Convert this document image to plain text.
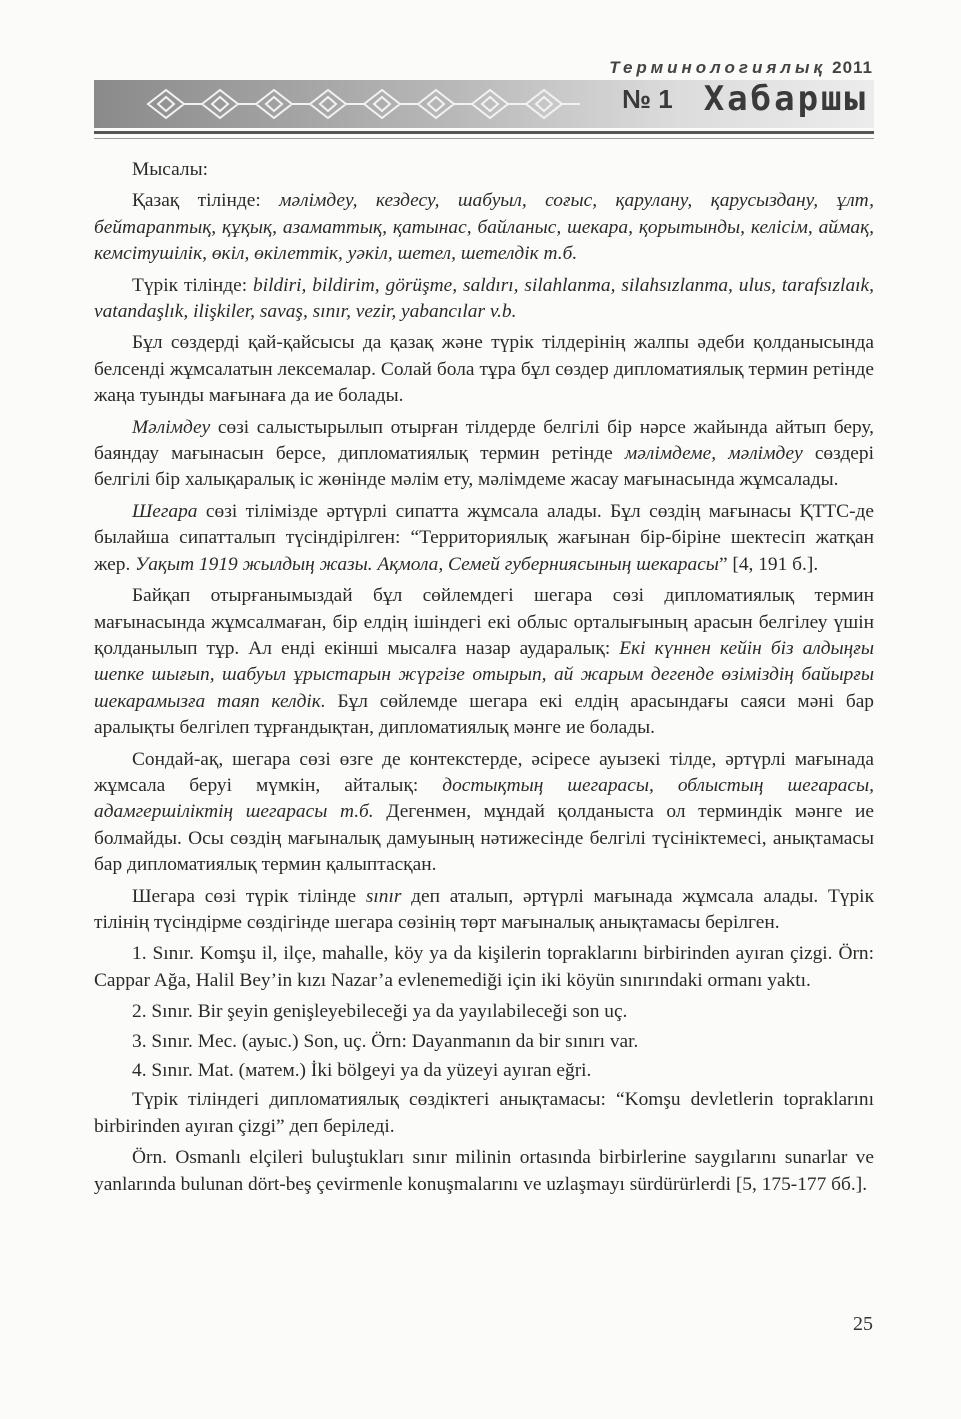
Терминологиялық 2011
№ 1 Хабаршы

Мысалы:

Қазақ тілінде: мәлімдеу, кездесу, шабуыл, соғыс, қарулану, қарусыздану, ұлт, бейтараптық, құқық, азаматтық, қатынас, байланыс, шекара, қорытынды, келісім, аймақ, кемсітушілік, өкіл, өкілеттік, уәкіл, шетел, шетелдік т.б.

Түрік тілінде: bildiri, bildirim, görüşme, saldırı, silahlanma, silahsızlanma, ulus, tarafsızlaık, vatandaşlık, ilişkiler, savaş, sınır, vezir, yabancılar v.b.

Бұл сөздерді қай-қайсысы да қазақ және түрік тілдерінің жалпы әдеби қолданысында белсенді жұмсалатын лексемалар. Солай бола тұра бұл сөздер дипломатиялық термин ретінде жаңа туынды мағынаға да ие болады.

Мәлімдеу сөзі салыстырылып отырған тілдерде белгілі бір нәрсе жайында айтып беру, баяндау мағынасын берсе, дипломатиялық термин ретінде мәлімдеме, мәлімдеу сөздері белгілі бір халықаралық іс жөнінде мәлім ету, мәлімдеме жасау мағынасында жұмсалады.

Шегара сөзі тілімізде әртүрлі сипатта жұмсала алады. Бұл сөздің мағынасы ҚТТС-де былайша сипатталып түсіндірілген: “Территориялық жағынан бір-біріне шектесіп жатқан жер. Уақыт 1919 жылдың жазы. Ақмола, Семей губерниясының шекарасы” [4, 191 б.].

Байқап отырғанымыздай бұл сөйлемдегі шегара сөзі дипломатиялық термин мағынасында жұмсалмаған, бір елдің ішіндегі екі облыс орталығының арасын белгілеу үшін қолданылып тұр. Ал енді екінші мысалға назар аударалық: Екі күннен кейін біз алдыңғы шепке шығып, шабуыл ұрыстарын жүргізе отырып, ай жарым дегенде өзіміздің байырғы шекарамызға таяп келдік. Бұл сөйлемде шегара екі елдің арасындағы саяси мәні бар аралықты белгілеп тұрғандықтан, дипломатиялық мәнге ие болады.

Сондай-ақ, шегара сөзі өзге де контекстерде, әсіресе ауызекі тілде, әртүрлі мағынада жұмсала беруі мүмкін, айталық: достықтың шегарасы, облыстың шегарасы, адамгершіліктің шегарасы т.б. Дегенмен, мұндай қолданыста ол терминдік мәнге ие болмайды. Осы сөздің мағыналық дамуының нәтижесінде белгілі түсініктемесі, анықтамасы бар дипломатиялық термин қалыптасқан.

Шегара сөзі түрік тілінде sınır деп аталып, әртүрлі мағынада жұмсала алады. Түрік тілінің түсіндірме сөздігінде шегара сөзінің төрт мағыналық анықтамасы берілген.

1. Sınır. Komşu il, ilçe, mahalle, köy ya da kişilerin topraklarını birbirinden ayıran çizgi. Örn: Cappar Ağa, Halil Bey’in kızı Nazar’a evlenemediği için iki köyün sınırındaki ormanı yaktı.

2. Sınır. Bir şeyin genişleyebileceği ya da yayılabileceği son uç.

3. Sınır. Mec. (ауыс.) Son, uç. Örn: Dayanmanın da bir sınırı var.

4. Sınır. Mat. (матем.) İki bölgeyi ya da yüzeyi ayıran eğri.

Түрік тіліндегі дипломатиялық сөздіктегі анықтамасы: “Komşu devletlerin topraklarını birbirinden ayıran çizgi” деп беріледі.

Örn. Osmanlı elçileri buluştukları sınır milinin ortasında birbirlerine saygılarını sunarlar ve yanlarında bulunan dört-beş çevirmenle konuşmalarını ve uzlaşmayı sürdürürlerdi [5, 175-177 бб.].

25
